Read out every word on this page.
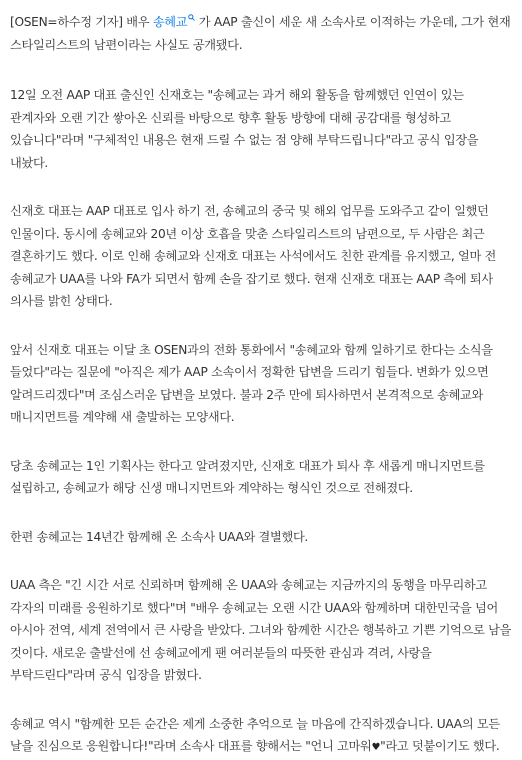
[OSEN=하수정 기자] 배우 송혜교
가 AAP 출신이 세운 새 소속사로 이적하는 가운데, 그가 현재 스타일리스트의 남편이라는 사실도 공개됐다.

12일 오전 AAP 대표 출신인 신재호는 "송혜교는 과거 해외 활동을 함께했던 인연이 있는 관계자와 오랜 기간 쌓아온 신뢰를 바탕으로 향후 활동 방향에 대해 공감대를 형성하고 있습니다"라며 "구체적인 내용은 현재 드릴 수 없는 점 양해 부탁드립니다"라고 공식 입장을 내놨다.

신재호 대표는 AAP 대표로 입사 하기 전, 송혜교의 중국 및 해외 업무를 도와주고 같이 일했던 인물이다. 동시에 송혜교와 20년 이상 호흡을 맞춘 스타일리스트의 남편으로, 두 사람은 최근 결혼하기도 했다. 이로 인해 송혜교와 신재호 대표는 사석에서도 친한 관계를 유지했고, 얼마 전 송혜교가 UAA를 나와 FA가 되면서 함께 손을 잡기로 했다. 현재 신재호 대표는 AAP 측에 퇴사 의사를 밝힌 상태다.

앞서 신재호 대표는 이달 초 OSEN과의 전화 통화에서 "송혜교와 함께 일하기로 한다는 소식을 들었다"라는 질문에 "아직은 제가 AAP 소속이서 정확한 답변을 드리기 힘들다. 변화가 있으면 알려드리겠다"며 조심스러운 답변을 보였다. 불과 2주 만에 퇴사하면서 본격적으로 송혜교와 매니지먼트를 계약해 새 출발하는 모양새다.

당초 송혜교는 1인 기획사는 한다고 알려졌지만, 신재호 대표가 퇴사 후 새롭게 매니지먼트를 설립하고, 송혜교가 해당 신생 매니지먼트와 계약하는 형식인 것으로 전해졌다.

한편 송혜교는 14년간 함께해 온 소속사 UAA와 결별했다.

UAA 측은 "긴 시간 서로 신뢰하며 함께해 온 UAA와 송혜교는 지금까지의 동행을 마무리하고 각자의 미래를 응원하기로 했다"며 "배우 송혜교는 오랜 시간 UAA와 함께하며 대한민국을 넘어 아시아 전역, 세계 전역에서 큰 사랑을 받았다. 그녀와 함께한 시간은 행복하고 기쁜 기억으로 남을 것이다. 새로운 출발선에 선 송혜교에게 팬 여러분들의 따뜻한 관심과 격려, 사랑을 부탁드린다"라며 공식 입장을 밝혔다.

송혜교 역시 "함께한 모든 순간은 제게 소중한 추억으로 늘 마음에 간직하겠습니다. UAA의 모든 날을 진심으로 응원합니다!"라며 소속사 대표를 향해서는 "언니 고마워♥"라고 덧붙이기도 했다.
